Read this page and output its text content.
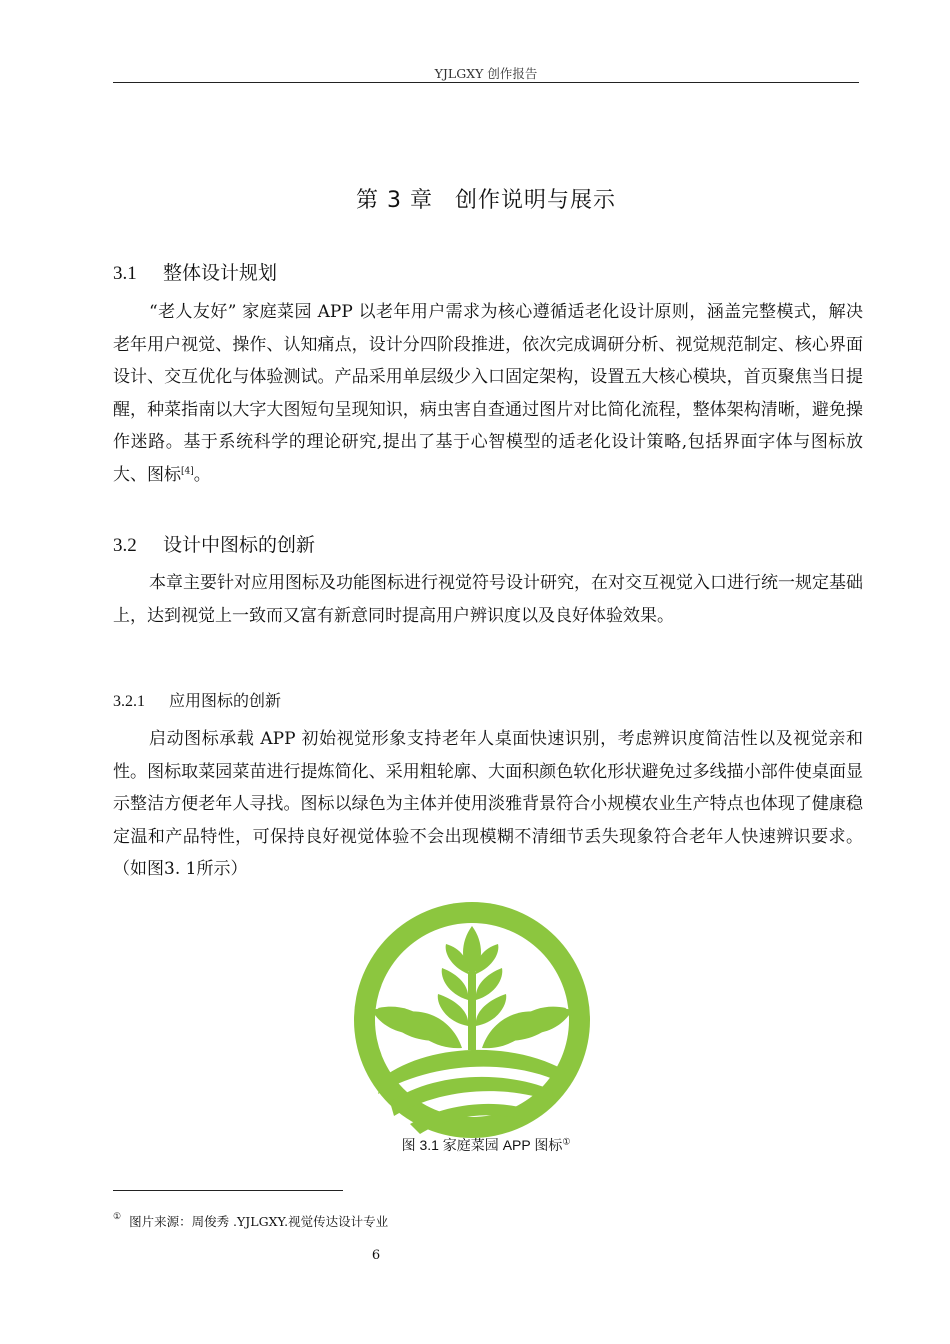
YJLGXY 创作报告
第 3 章 创作说明与展示
3.1 整体设计规划

“老人友好” 家庭菜园 APP 以老年用户需求为核心遵循适老化设计原则，涵盖完整模式，解决老年用户视觉、操作、认知痛点，设计分四阶段推进，依次完成调研分析、视觉规范制定、核心界面设计、交互优化与体验测试。产品采用单层级少入口固定架构，设置五大核心模块，首页聚焦当日提醒，种菜指南以大字大图短句呈现知识，病虫害自查通过图片对比简化流程，整体架构清晰，避免操作迷路。基于系统科学的理论研究,提出了基于心智模型的适老化设计策略,包括界面字体与图标放大、图标[4]。

3.2 设计中图标的创新

本章主要针对应用图标及功能图标进行视觉符号设计研究，在对交互视觉入口进行统一规定基础上，达到视觉上一致而又富有新意同时提高用户辨识度以及良好体验效果。

3.2.1 应用图标的创新

启动图标承载 APP 初始视觉形象支持老年人桌面快速识别，考虑辨识度简洁性以及视觉亲和性。图标取菜园菜苗进行提炼简化、采用粗轮廓、大面积颜色软化形状避免过多线描小部件使桌面显示整洁方便老年人寻找。图标以绿色为主体并使用淡雅背景符合小规模农业生产特点也体现了健康稳定温和产品特性，可保持良好视觉体验不会出现模糊不清细节丢失现象符合老年人快速辨识要求。（如图3. 1所示）

图 3.1 家庭菜园 APP 图标①
① 图片来源：周俊秀 .YJLGXY.视觉传达设计专业
6
